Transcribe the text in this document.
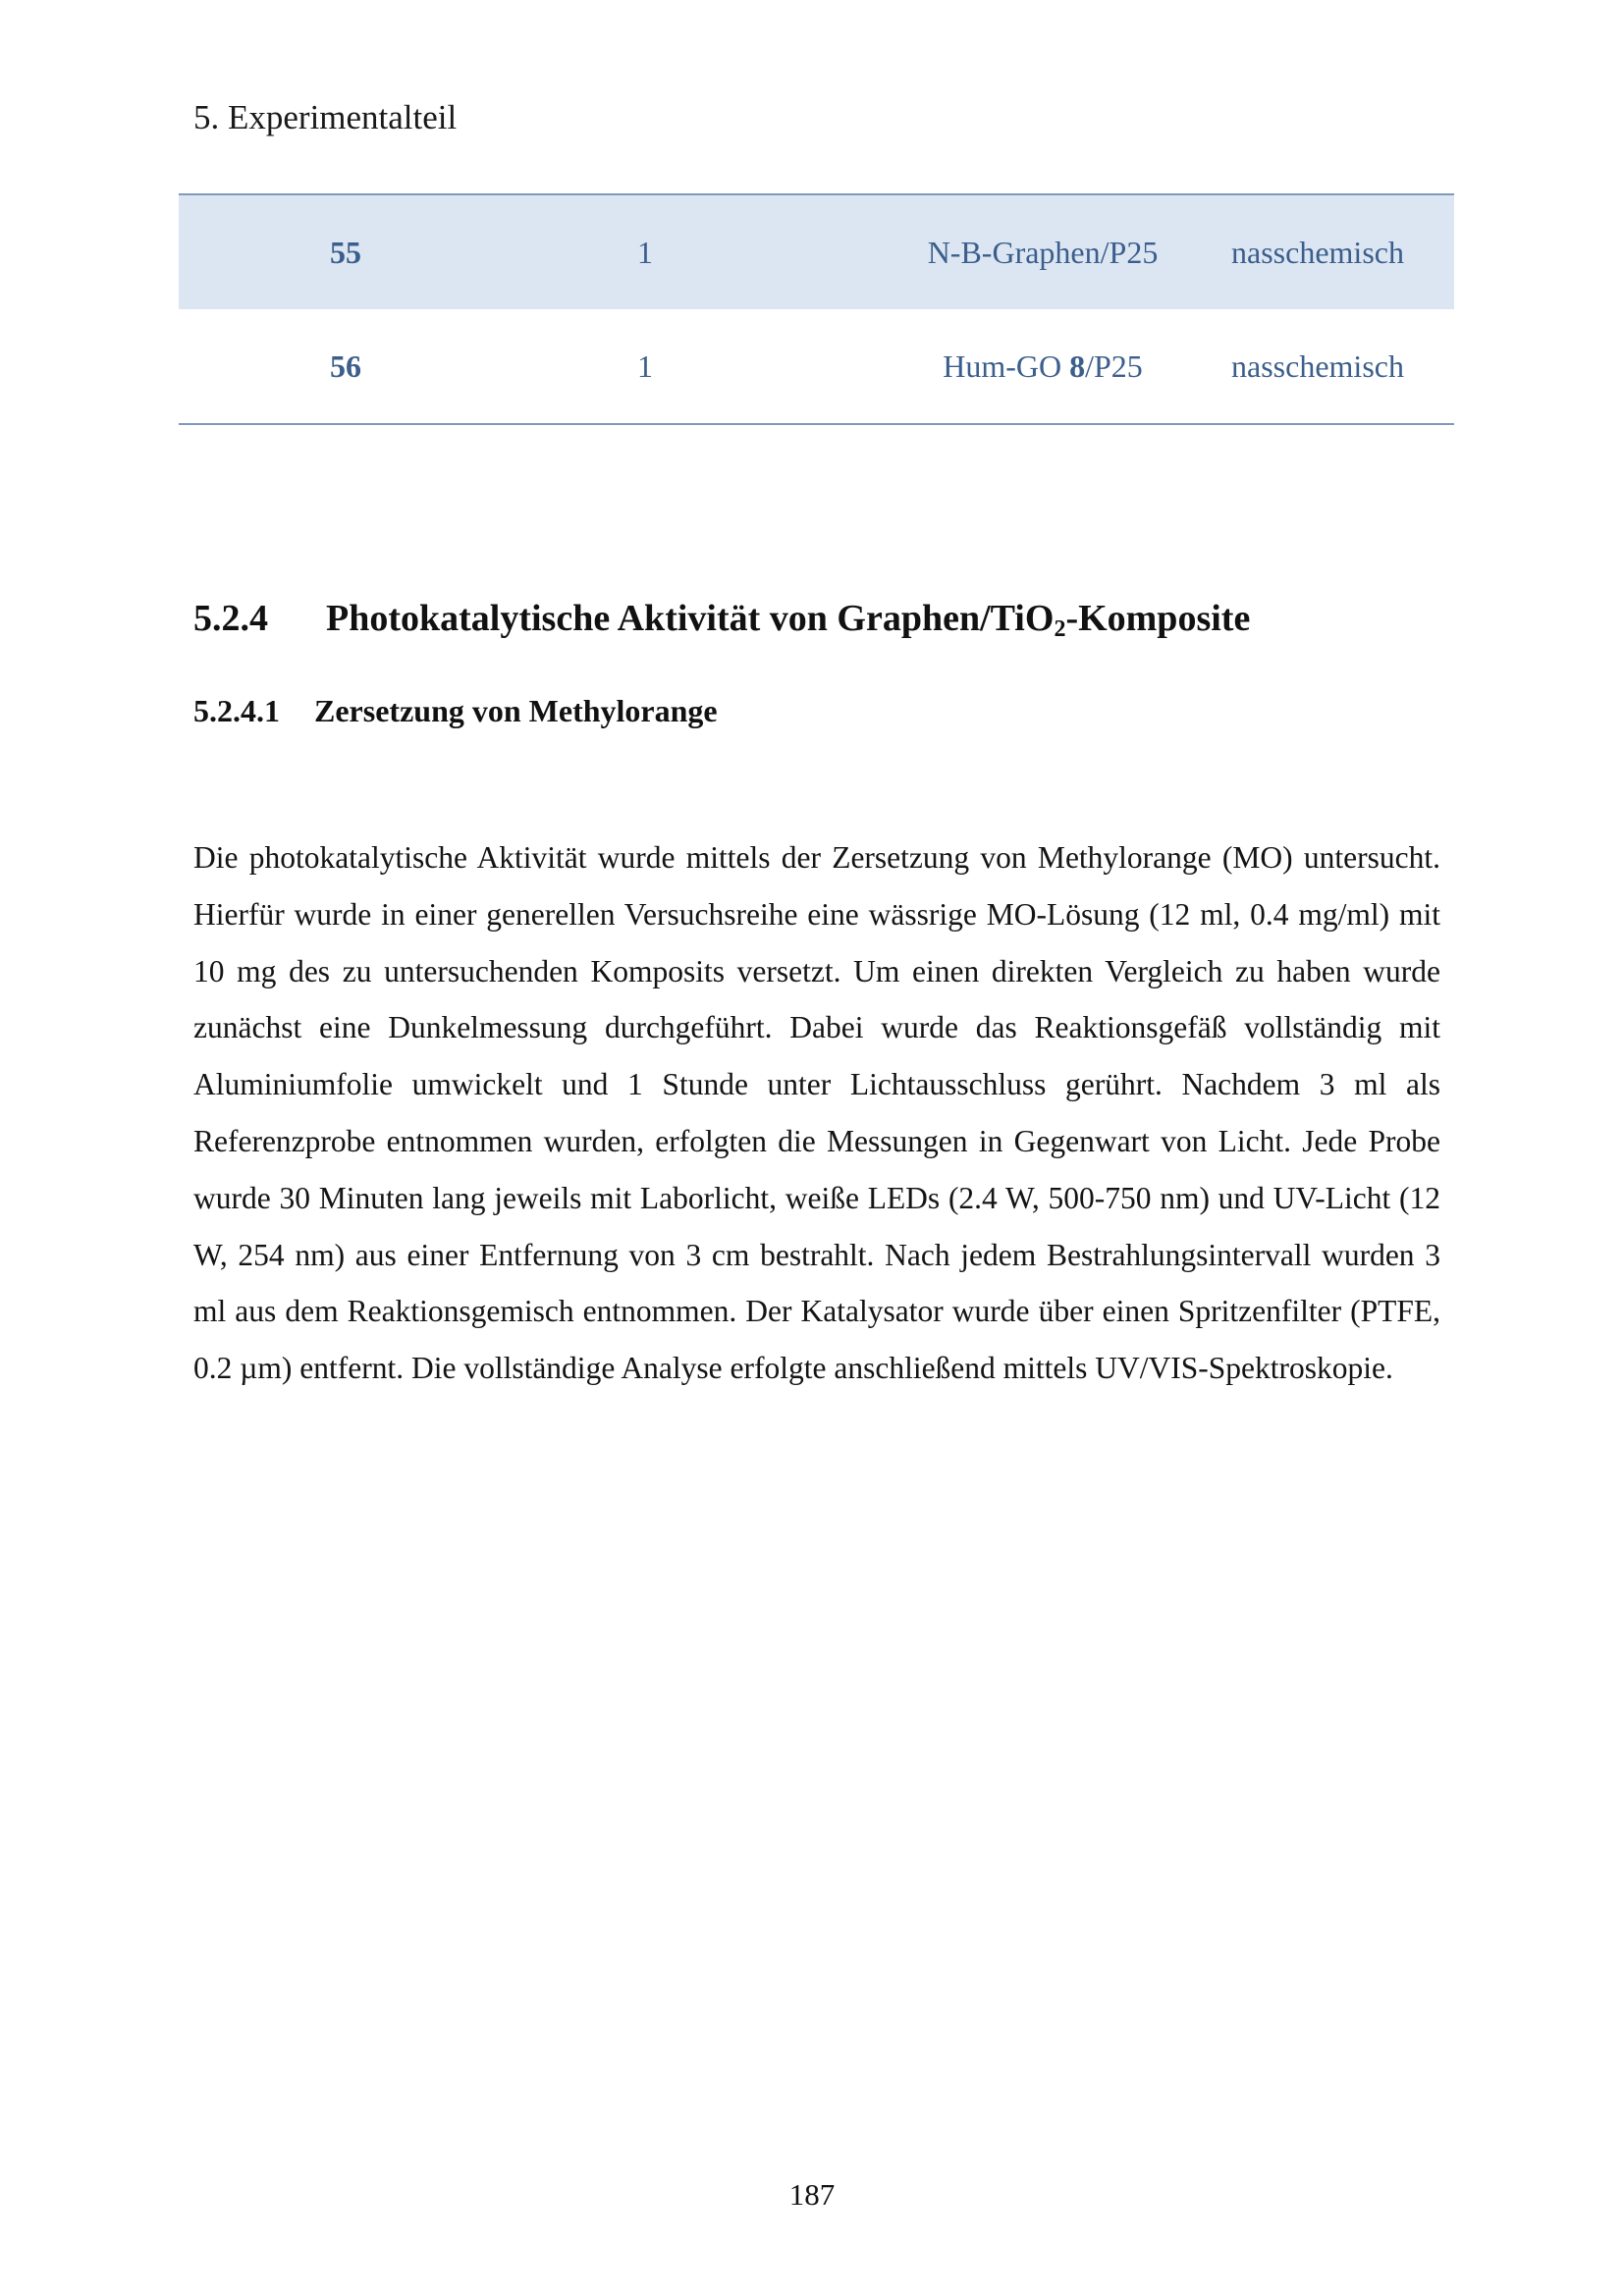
5. Experimentalteil
55	1	N-B-Graphen/P25	nasschemisch
56	1	Hum-GO 8/P25	nasschemisch
5.2.4 Photokatalytische Aktivität von Graphen/TiO$_2$-Komposite
5.2.4.1 Zersetzung von Methylorange

Die photokatalytische Aktivität wurde mittels der Zersetzung von Methylorange (MO) untersucht. Hierfür wurde in einer generellen Versuchsreihe eine wässrige MO-Lösung (12 ml, 0.4 mg/ml) mit 10 mg des zu untersuchenden Komposits versetzt. Um einen direkten Vergleich zu haben wurde zunächst eine Dunkelmessung durchgeführt. Dabei wurde das Reaktionsgefäß vollständig mit Aluminiumfolie umwickelt und 1 Stunde unter Lichtausschluss gerührt. Nachdem 3 ml als Referenzprobe entnommen wurden, erfolgten die Messungen in Gegenwart von Licht. Jede Probe wurde 30 Minuten lang jeweils mit Laborlicht, weiße LEDs (2.4 W, 500-750 nm) und UV-Licht (12 W, 254 nm) aus einer Entfernung von 3 cm bestrahlt. Nach jedem Bestrahlungsintervall wurden 3 ml aus dem Reaktionsgemisch entnommen. Der Katalysator wurde über einen Spritzenfilter (PTFE, 0.2 µm) entfernt. Die vollständige Analyse erfolgte anschließend mittels UV/VIS-Spektroskopie.

187
